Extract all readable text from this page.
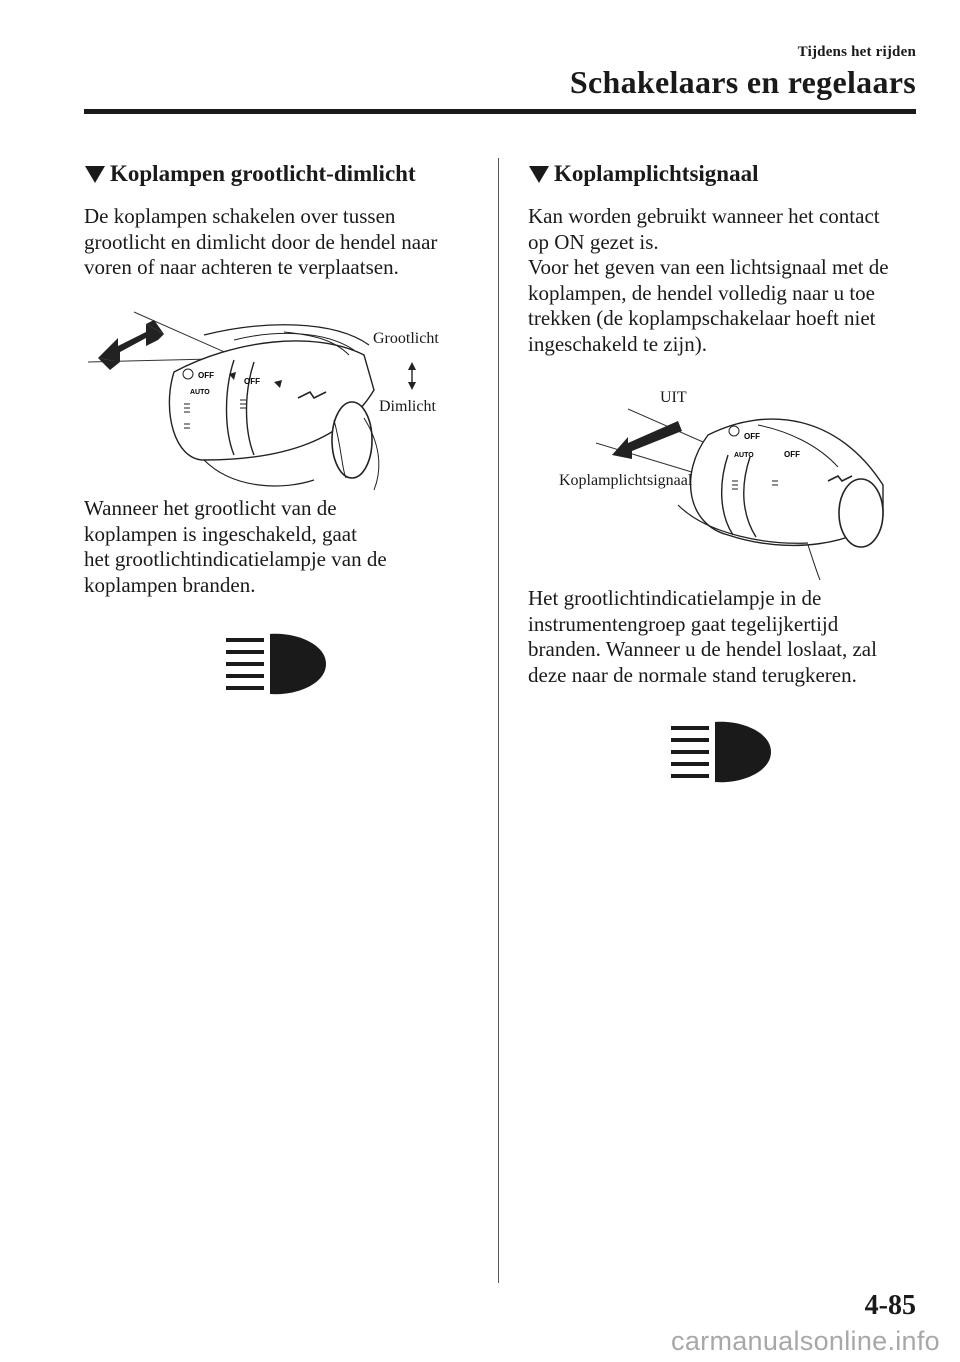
Tijdens het rijden
Schakelaars en regelaars
Koplampen grootlicht-dimlicht

De koplampen schakelen over tussen
grootlicht en dimlicht door de hendel naar
voren of naar achteren te verplaatsen.

OFF
AUTO
OFF
Grootlicht
Dimlicht

Wanneer het grootlicht van de
koplampen is ingeschakeld, gaat
het grootlichtindicatielampje van de
koplampen branden.

Koplamplichtsignaal

Kan worden gebruikt wanneer het contact
op ON gezet is.
Voor het geven van een lichtsignaal met de
koplampen, de hendel volledig naar u toe
trekken (de koplampschakelaar hoeft niet
ingeschakeld te zijn).

OFF
AUTO	OFF
UIT
Koplamplichtsignaal

Het grootlichtindicatielampje in de
instrumentengroep gaat tegelijkertijd
branden. Wanneer u de hendel loslaat, zal
deze naar de normale stand terugkeren.

4-85
carmanualsonline.info
